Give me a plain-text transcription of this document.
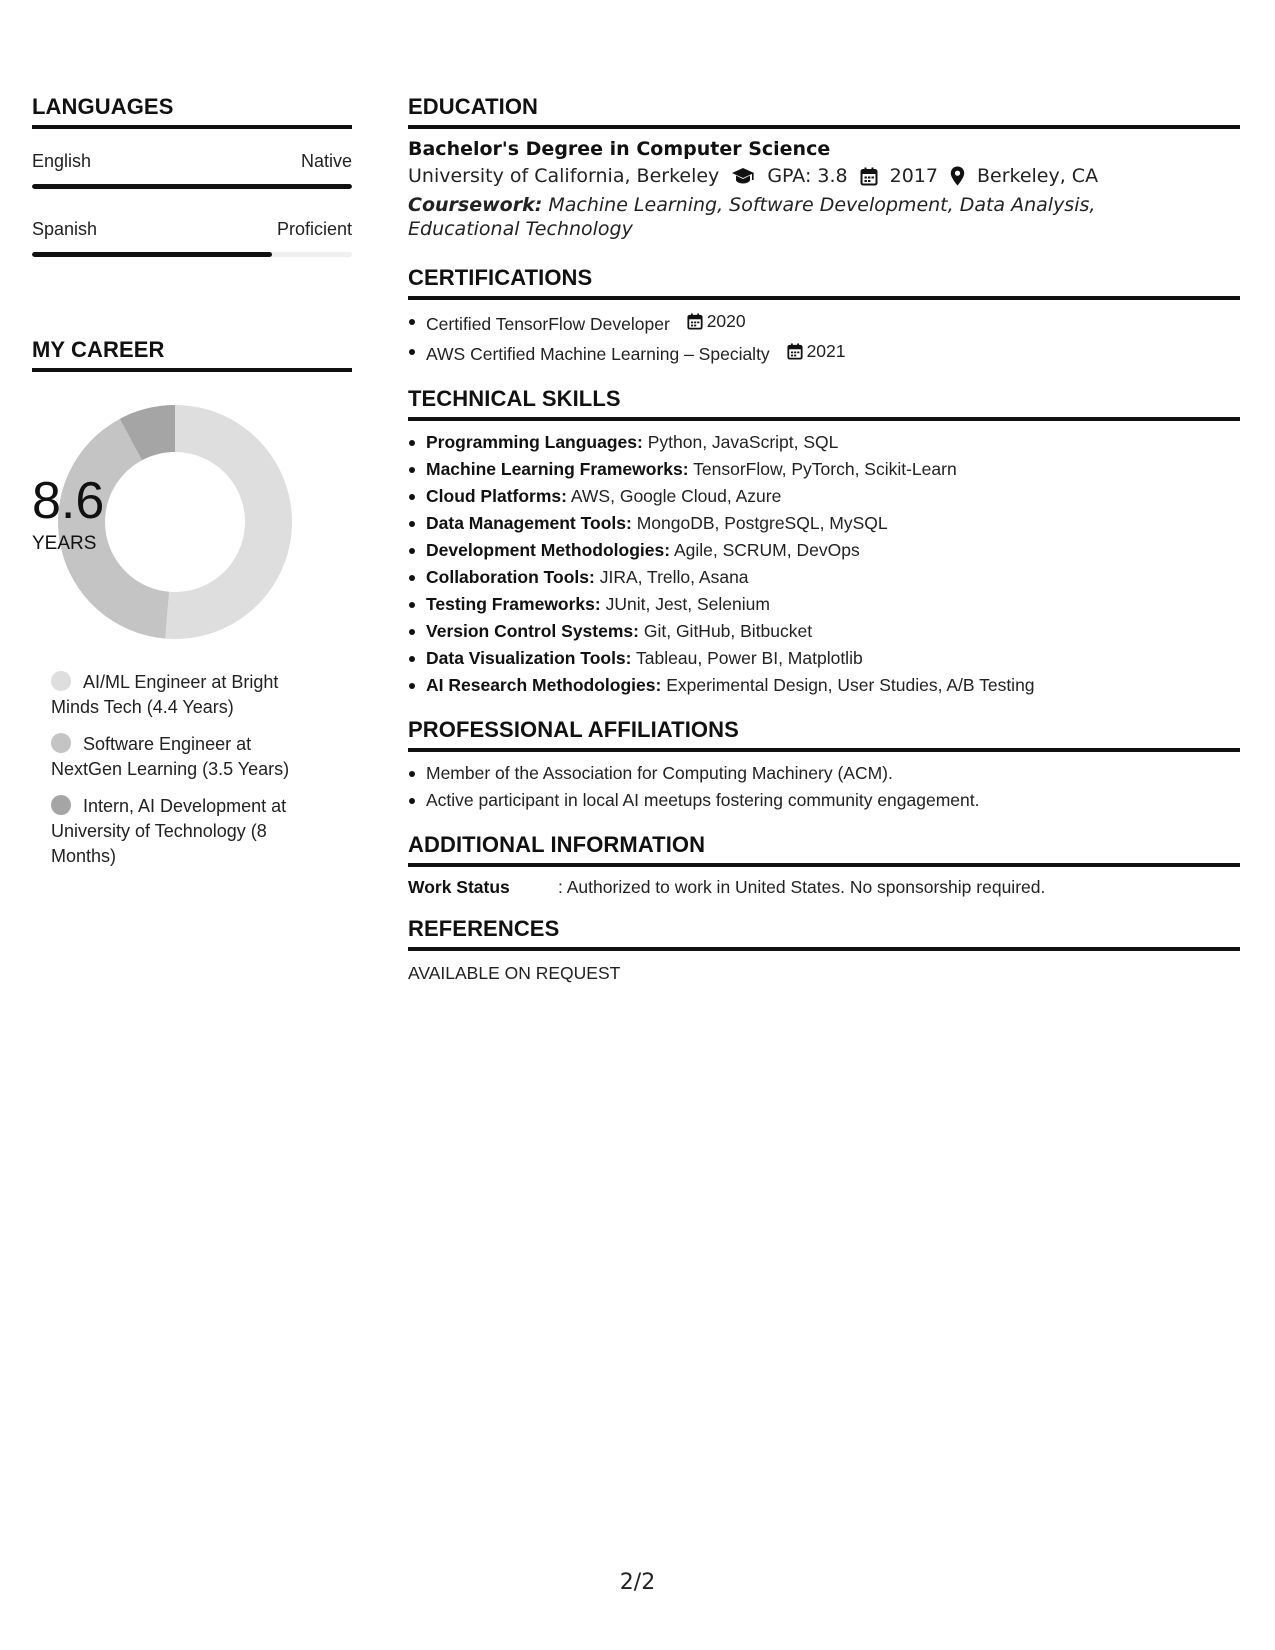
LANGUAGES
English	Native
Spanish	Proficient
MY CAREER
8.6
YEARS
AI/ML Engineer at Bright Minds Tech (4.4 Years)
Software Engineer at NextGen Learning (3.5 Years)
Intern, AI Development at University of Technology (8 Months)
EDUCATION
Bachelor's Degree in Computer Science
University of California, Berkeley	GPA: 3.8 2017 Berkeley, CA
Coursework: Machine Learning, Software Development, Data Analysis, Educational Technology
CERTIFICATIONS
Certified TensorFlow Developer 2020
AWS Certified Machine Learning – Specialty 2021
TECHNICAL SKILLS
Programming Languages: Python, JavaScript, SQL
Machine Learning Frameworks: TensorFlow, PyTorch, Scikit-Learn
Cloud Platforms: AWS, Google Cloud, Azure
Data Management Tools: MongoDB, PostgreSQL, MySQL
Development Methodologies: Agile, SCRUM, DevOps
Collaboration Tools: JIRA, Trello, Asana
Testing Frameworks: JUnit, Jest, Selenium
Version Control Systems: Git, GitHub, Bitbucket
Data Visualization Tools: Tableau, Power BI, Matplotlib
AI Research Methodologies: Experimental Design, User Studies, A/B Testing
PROFESSIONAL AFFILIATIONS
Member of the Association for Computing Machinery (ACM).
Active participant in local AI meetups fostering community engagement.
ADDITIONAL INFORMATION
Work Status	: Authorized to work in United States. No sponsorship required.
REFERENCES
AVAILABLE ON REQUEST
2/2
